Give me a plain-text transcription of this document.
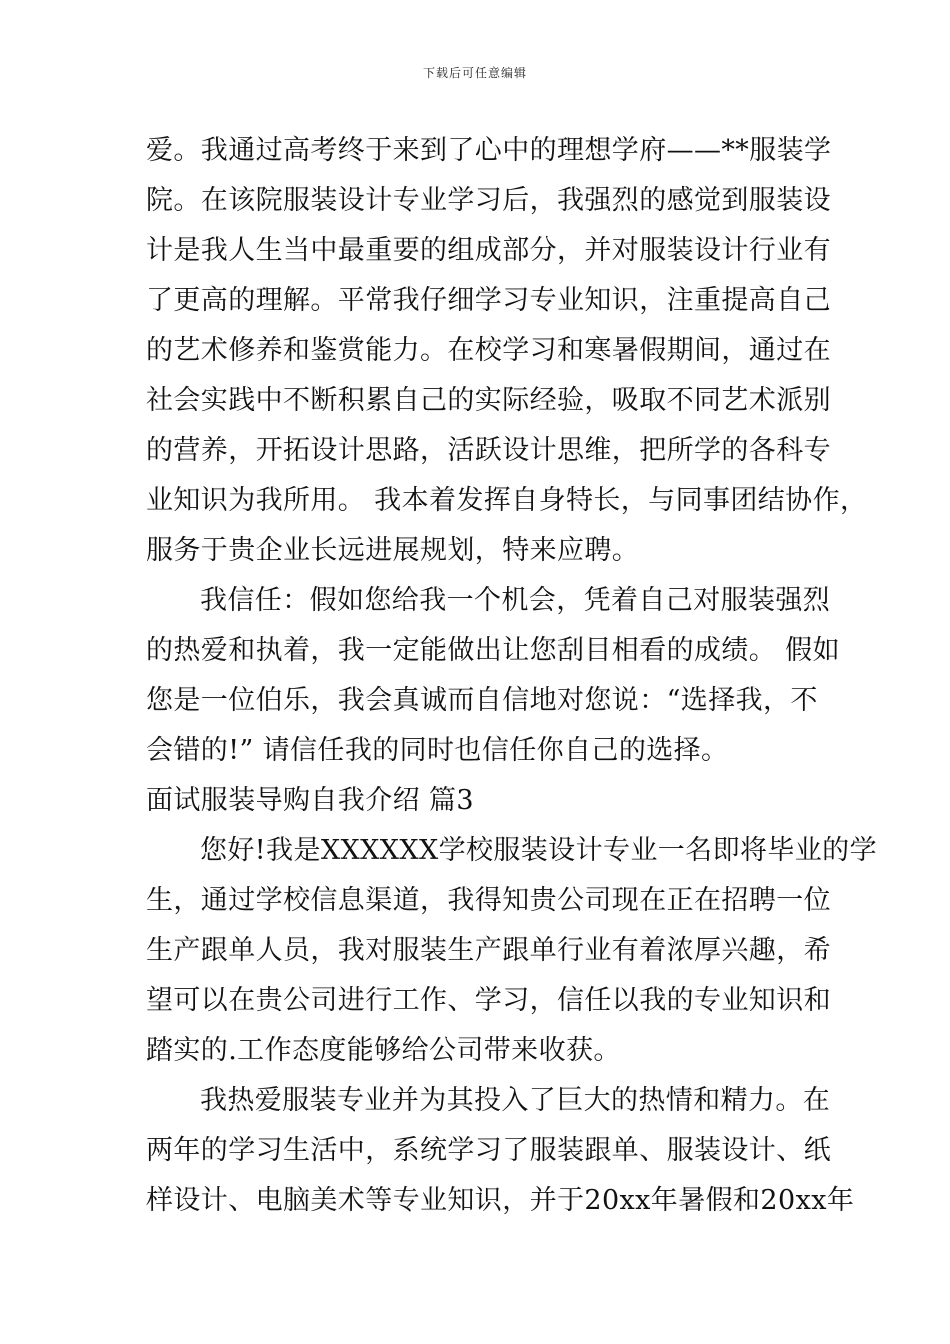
下载后可任意编辑
爱。我通过高考终于来到了心中的理想学府——**服装学
院。在该院服装设计专业学习后，我强烈的感觉到服装设
计是我人生当中最重要的组成部分，并对服装设计行业有
了更高的理解。平常我仔细学习专业知识，注重提高自己
的艺术修养和鉴赏能力。在校学习和寒暑假期间，通过在
社会实践中不断积累自己的实际经验，吸取不同艺术派别
的营养，开拓设计思路，活跃设计思维，把所学的各科专
业知识为我所用。 我本着发挥自身特长，与同事团结协作，
服务于贵企业长远进展规划，特来应聘。
我信任：假如您给我一个机会，凭着自己对服装强烈
的热爱和执着，我一定能做出让您刮目相看的成绩。 假如
您是一位伯乐，我会真诚而自信地对您说：“选择我，不
会错的!” 请信任我的同时也信任你自己的选择。
面试服装导购自我介绍 篇3
您好!我是XXXXXX学校服装设计专业一名即将毕业的学
生，通过学校信息渠道，我得知贵公司现在正在招聘一位
生产跟单人员，我对服装生产跟单行业有着浓厚兴趣，希
望可以在贵公司进行工作、学习，信任以我的专业知识和
踏实的.工作态度能够给公司带来收获。
我热爱服装专业并为其投入了巨大的热情和精力。在
两年的学习生活中，系统学习了服装跟单、服装设计、纸
样设计、电脑美术等专业知识，并于20xx年暑假和20xx年
